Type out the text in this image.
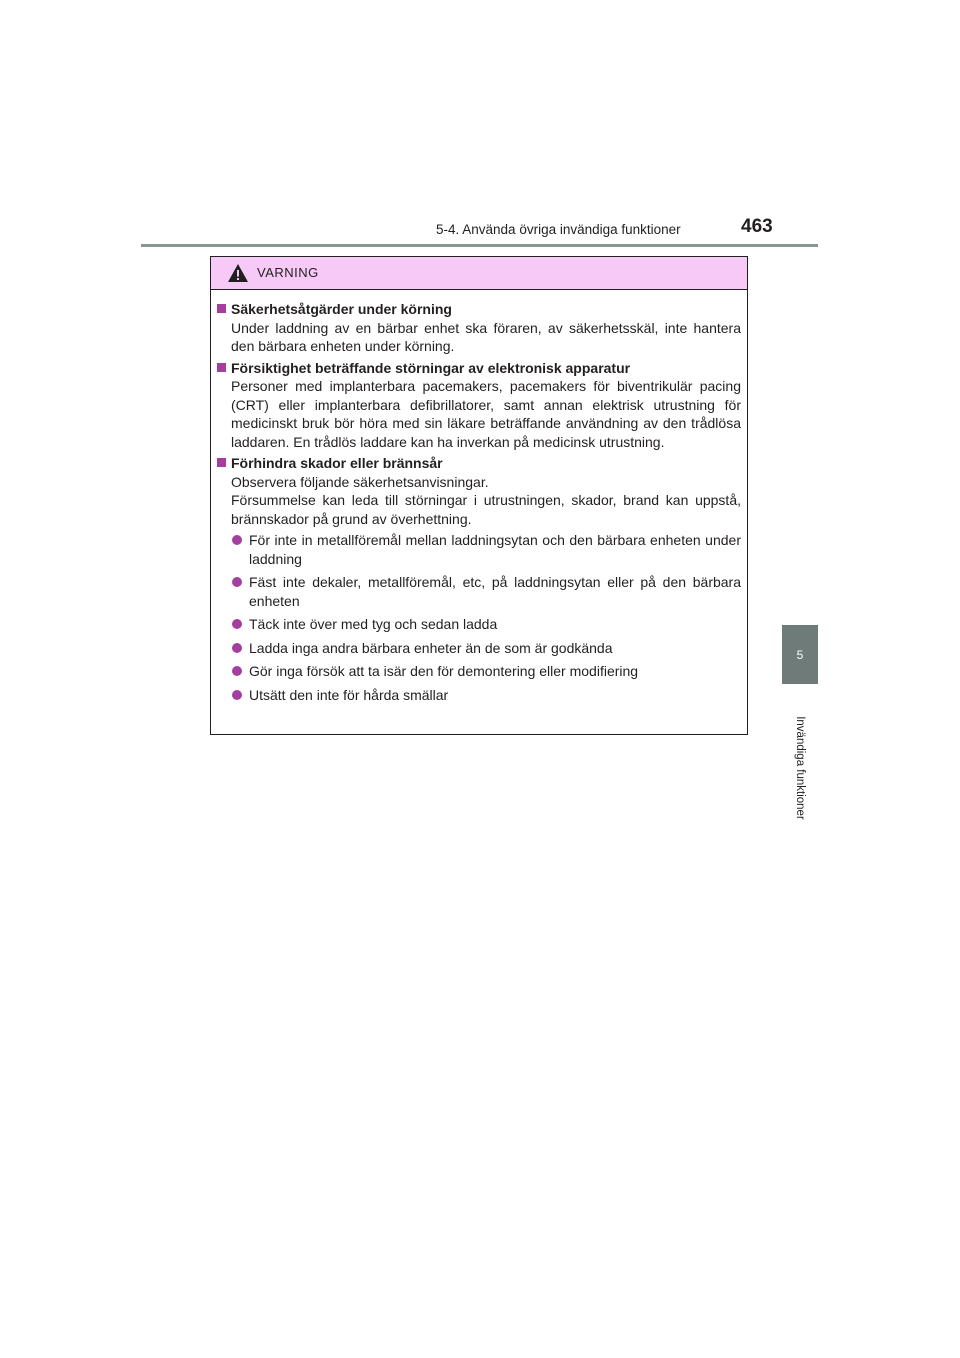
5-4. Använda övriga invändiga funktioner	463
5
Invändiga funktioner
VARNING

Säkerhetsåtgärder under körning

Under laddning av en bärbar enhet ska föraren, av säkerhetsskäl, inte hantera den bärbara enheten under körning.

Försiktighet beträffande störningar av elektronisk apparatur

Personer med implanterbara pacemakers, pacemakers för biventrikulär pacing (CRT) eller implanterbara defibrillatorer, samt annan elektrisk utrustning för medicinskt bruk bör höra med sin läkare beträffande användning av den trådlösa laddaren. En trådlös laddare kan ha inverkan på medicinsk utrustning.

Förhindra skador eller brännsår

Observera följande säkerhetsanvisningar.

Försummelse kan leda till störningar i utrustningen, skador, brand kan uppstå, brännskador på grund av överhettning.

För inte in metallföremål mellan laddningsytan och den bärbara enheten under laddning
Fäst inte dekaler, metallföremål, etc, på laddningsytan eller på den bärbara enheten
Täck inte över med tyg och sedan ladda
Ladda inga andra bärbara enheter än de som är godkända
Gör inga försök att ta isär den för demontering eller modifiering
Utsätt den inte för hårda smällar
